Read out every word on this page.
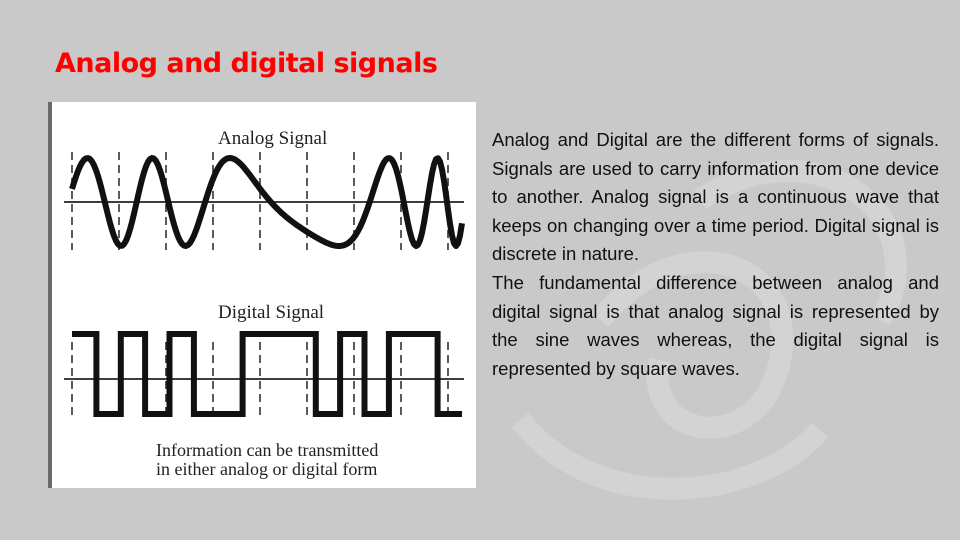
Analog and digital signals
Analog Signal
Digital Signal
Information can be transmitted
in either analog or digital form

Analog and Digital are the different forms of signals. Signals are used to carry information from one device to another. Analog signal is a continuous wave that keeps on changing over a time period. Digital signal is discrete in nature.

The fundamental difference between analog and digital signal is that analog signal is represented by the sine waves whereas, the digital signal is represented by square waves.
